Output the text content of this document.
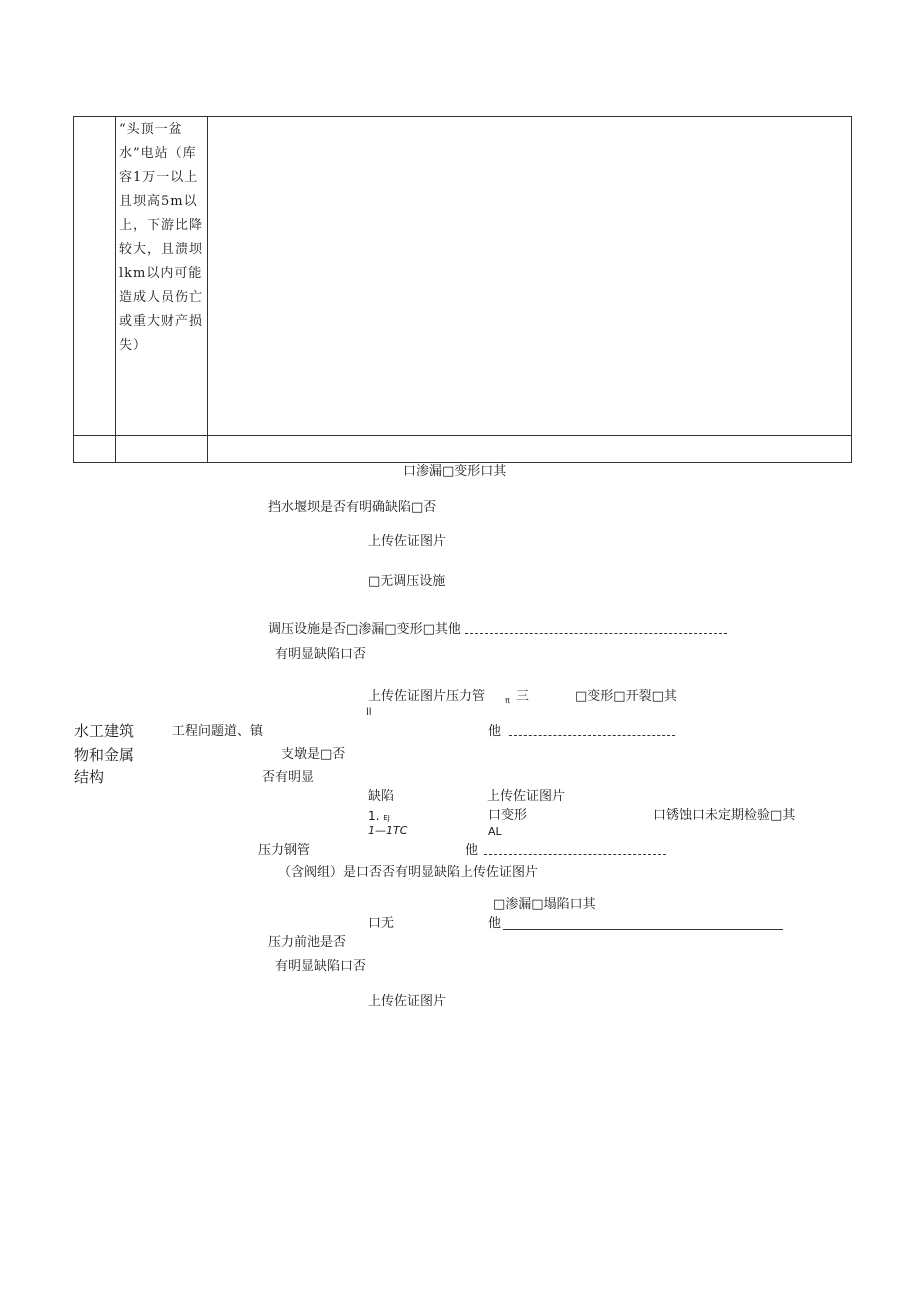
	“头顶一盆水”电站（库容1万一以上且坝高5m以上，下游比降较大，且溃坝lkm以内可能造成人员伤亡或重大财产损失）	

口渗漏□变形口其
挡水堰坝是否有明确缺陷□否
上传佐证图片
□无调压设施
调压设施是否□渗漏□变形□其他
有明显缺陷口否
上传佐证图片压力管 π 三
ll
□变形□开裂□其
他
水工建筑
物和金属
结构
工程问题道、镇
支墩是□否
否有明显
缺陷	上传佐证图片
1. EJ
1—1TC
口变形
AL
口锈蚀口未定期检验□其
压力钢管	他
（含阀组）是口否否有明显缺陷上传佐证图片
□渗漏□塌陷口其
口无	他
压力前池是否
有明显缺陷口否
上传佐证图片
